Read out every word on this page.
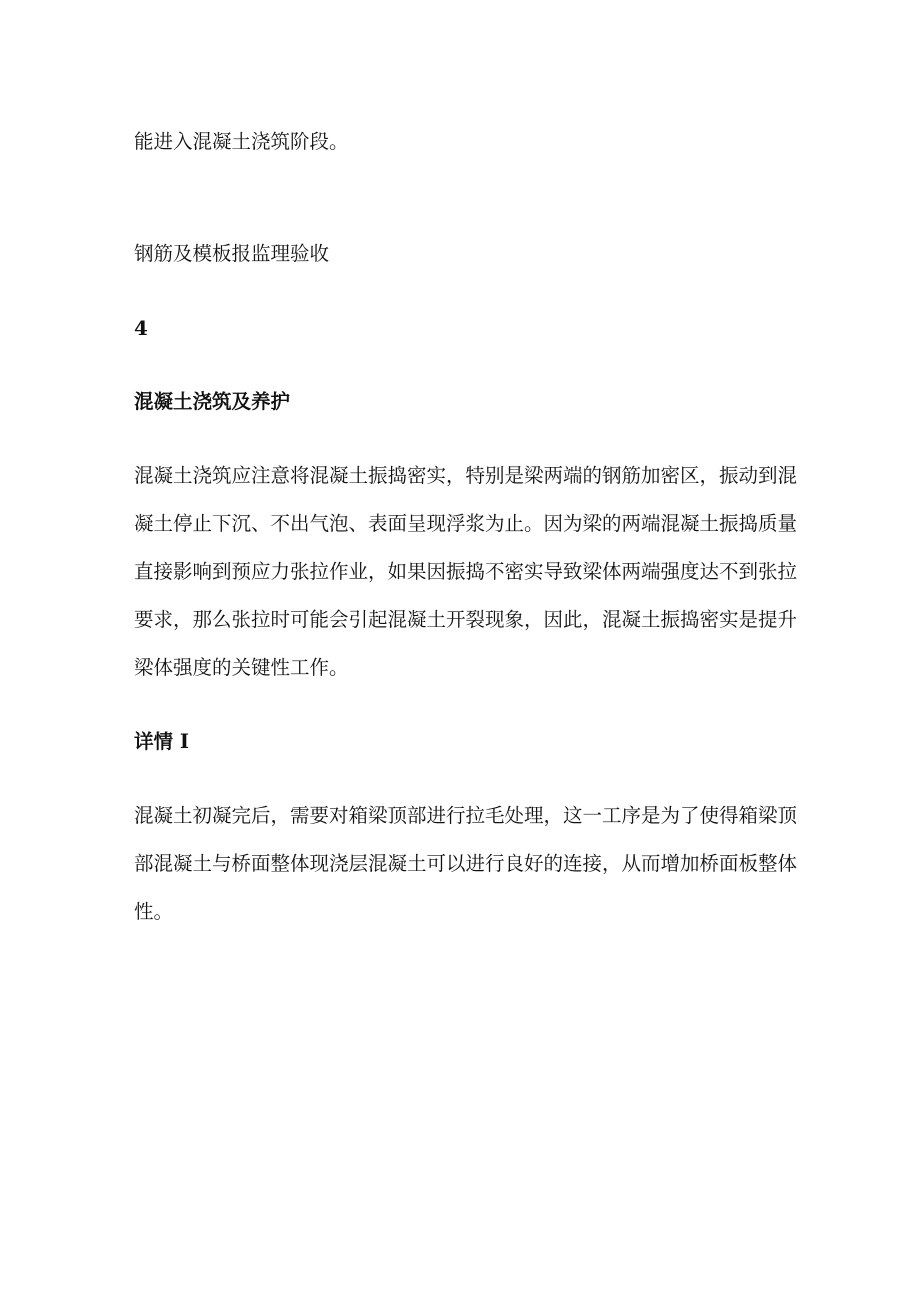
能进入混凝土浇筑阶段。

钢筋及模板报监理验收

4

混凝土浇筑及养护

混凝土浇筑应注意将混凝土振捣密实，特别是梁两端的钢筋加密区，振动到混凝土停止下沉、不出气泡、表面呈现浮浆为止。因为梁的两端混凝土振捣质量直接影响到预应力张拉作业，如果因振捣不密实导致梁体两端强度达不到张拉要求，那么张拉时可能会引起混凝土开裂现象，因此，混凝土振捣密实是提升梁体强度的关键性工作。

详情 I

混凝土初凝完后，需要对箱梁顶部进行拉毛处理，这一工序是为了使得箱梁顶部混凝土与桥面整体现浇层混凝土可以进行良好的连接，从而增加桥面板整体性。
